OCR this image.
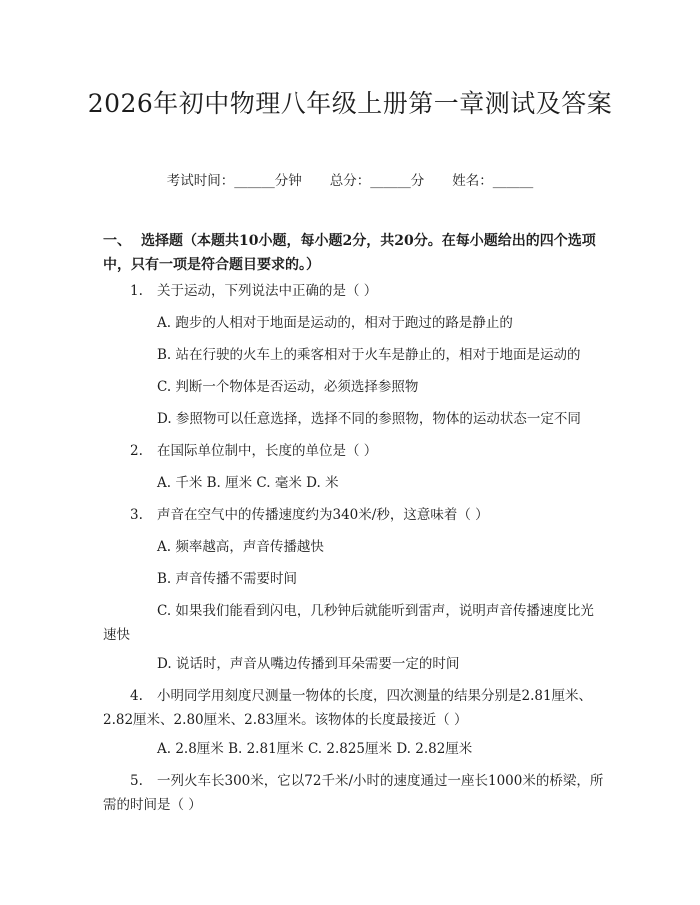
2026年初中物理八年级上册第一章测试及答案
考试时间：______分钟 总分：______分 姓名：______
一、 选择题（本题共10小题，每小题2分，共20分。在每小题给出的四个选项中，只有一项是符合题目要求的。）
1. 关于运动，下列说法中正确的是（ ）
A. 跑步的人相对于地面是运动的，相对于跑过的路是静止的
B. 站在行驶的火车上的乘客相对于火车是静止的，相对于地面是运动的
C. 判断一个物体是否运动，必须选择参照物
D. 参照物可以任意选择，选择不同的参照物，物体的运动状态一定不同
2. 在国际单位制中，长度的单位是（ ）
A. 千米 B. 厘米 C. 毫米 D. 米
3. 声音在空气中的传播速度约为340米/秒，这意味着（ ）
A. 频率越高，声音传播越快
B. 声音传播不需要时间
C. 如果我们能看到闪电，几秒钟后就能听到雷声，说明声音传播速度比光速快
D. 说话时，声音从嘴边传播到耳朵需要一定的时间
4. 小明同学用刻度尺测量一物体的长度，四次测量的结果分别是2.81厘米、2.82厘米、2.80厘米、2.83厘米。该物体的长度最接近（ ）
A. 2.8厘米 B. 2.81厘米 C. 2.825厘米 D. 2.82厘米
5. 一列火车长300米，它以72千米/小时的速度通过一座长1000米的桥梁，所需的时间是（ ）
